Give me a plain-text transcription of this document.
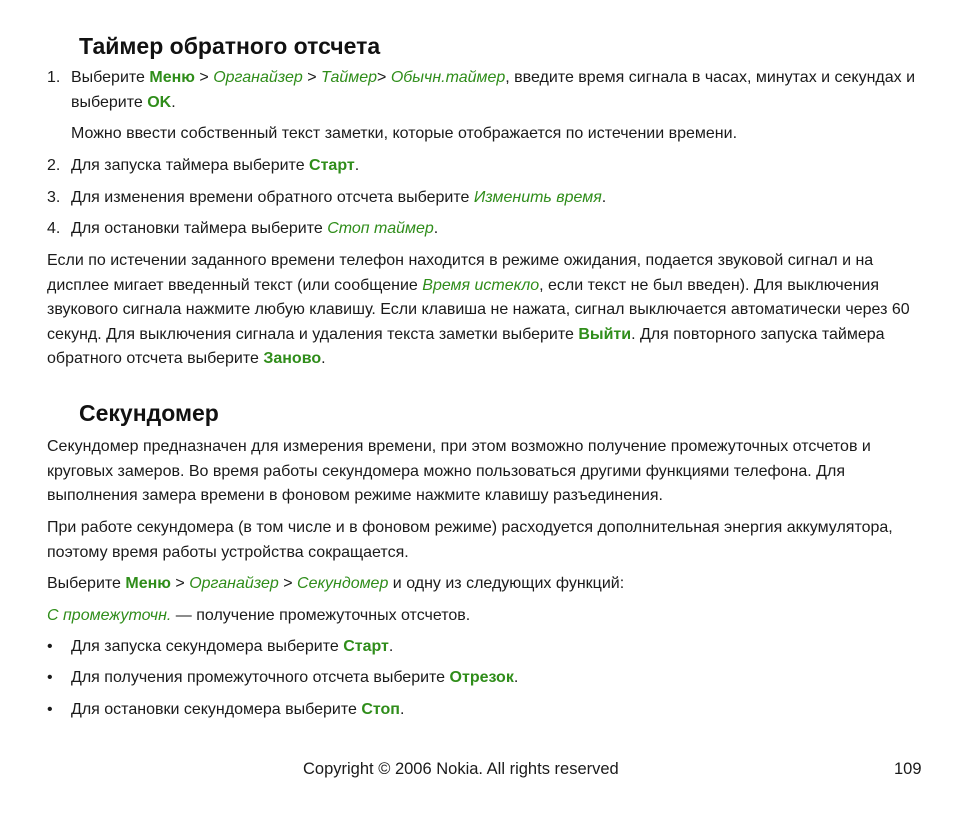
Таймер обратного отсчета
1. Выберите Меню > Органайзер > Таймер> Обычн.таймер, введите время сигнала в часах, минутах и секундах и выберите OK.
Можно ввести собственный текст заметки, которые отображается по истечении времени.
2. Для запуска таймера выберите Старт.
3. Для изменения времени обратного отсчета выберите Изменить время.
4. Для остановки таймера выберите Стоп таймер.
Если по истечении заданного времени телефон находится в режиме ожидания, подается звуковой сигнал и на дисплее мигает введенный текст (или сообщение Время истекло, если текст не был введен). Для выключения звукового сигнала нажмите любую клавишу. Если клавиша не нажата, сигнал выключается автоматически через 60 секунд. Для выключения сигнала и удаления текста заметки выберите Выйти. Для повторного запуска таймера обратного отсчета выберите Заново.
Секундомер
Секундомер предназначен для измерения времени, при этом возможно получение промежуточных отсчетов и круговых замеров. Во время работы секундомера можно пользоваться другими функциями телефона. Для выполнения замера времени в фоновом режиме нажмите клавишу разъединения.
При работе секундомера (в том числе и в фоновом режиме) расходуется дополнительная энергия аккумулятора, поэтому время работы устройства сокращается.
Выберите Меню > Органайзер > Секундомер и одну из следующих функций:
С промежуточн. — получение промежуточных отсчетов.
•	Для запуска секундомера выберите Старт.
•	Для получения промежуточного отсчета выберите Отрезок.
•	Для остановки секундомера выберите Стоп.
Copyright © 2006 Nokia. All rights reserved	109
